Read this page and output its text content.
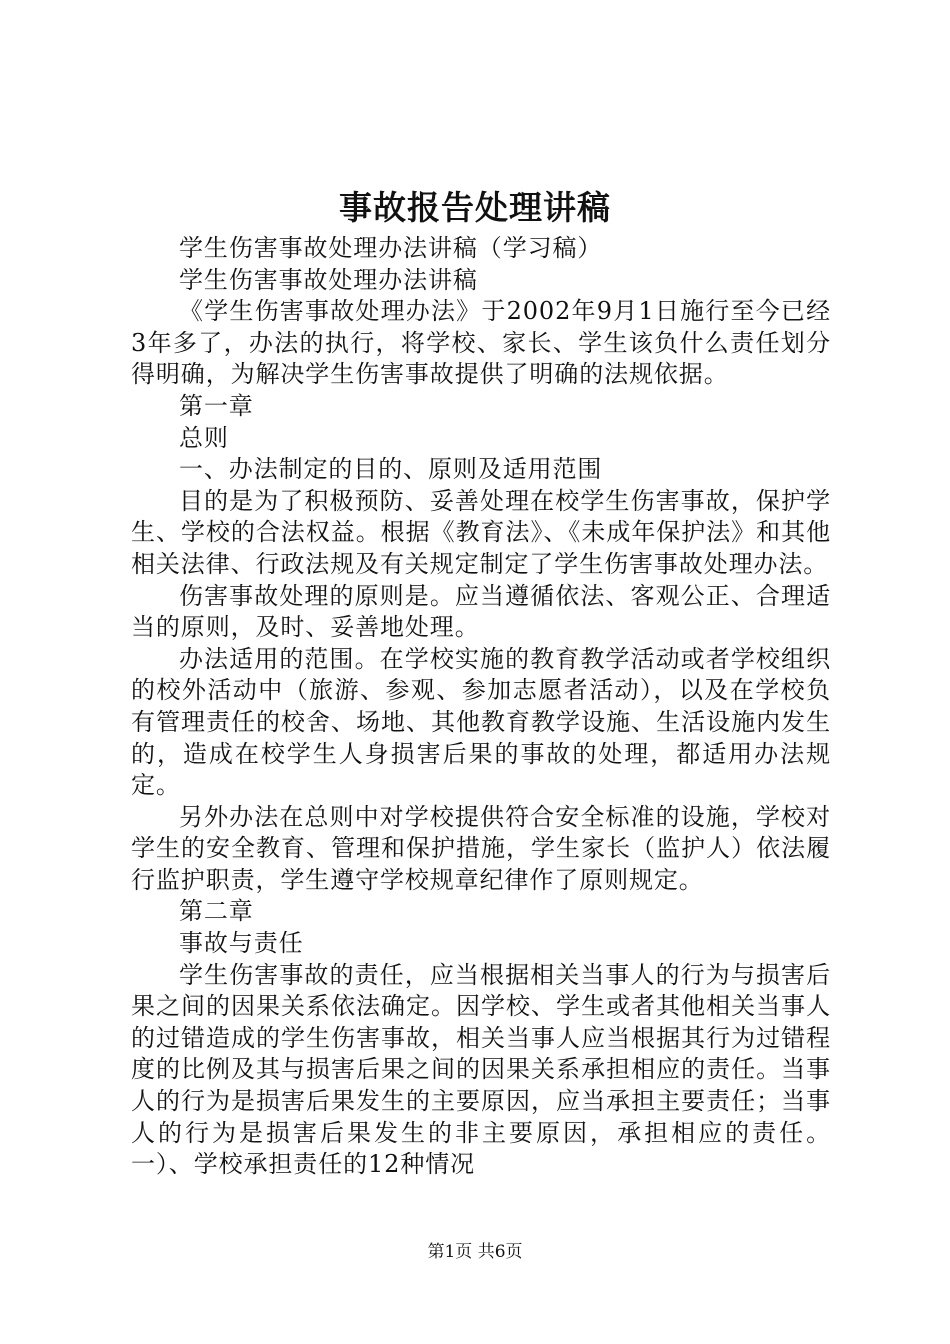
事故报告处理讲稿

学生伤害事故处理办法讲稿（学习稿）

学生伤害事故处理办法讲稿

《学生伤害事故处理办法》于2002年9月1日施行至今已经3年多了，办法的执行，将学校、家长、学生该负什么责任划分得明确，为解决学生伤害事故提供了明确的法规依据。

第一章

总则

一、办法制定的目的、原则及适用范围

目的是为了积极预防、妥善处理在校学生伤害事故，保护学生、学校的合法权益。根据《教育法》、《未成年保护法》和其他相关法律、行政法规及有关规定制定了学生伤害事故处理办法。

伤害事故处理的原则是。应当遵循依法、客观公正、合理适当的原则，及时、妥善地处理。

办法适用的范围。在学校实施的教育教学活动或者学校组织的校外活动中（旅游、参观、参加志愿者活动），以及在学校负有管理责任的校舍、场地、其他教育教学设施、生活设施内发生的，造成在校学生人身损害后果的事故的处理，都适用办法规定。

另外办法在总则中对学校提供符合安全标准的设施，学校对学生的安全教育、管理和保护措施，学生家长（监护人）依法履行监护职责，学生遵守学校规章纪律作了原则规定。

第二章

事故与责任

学生伤害事故的责任，应当根据相关当事人的行为与损害后果之间的因果关系依法确定。因学校、学生或者其他相关当事人的过错造成的学生伤害事故，相关当事人应当根据其行为过错程度的比例及其与损害后果之间的因果关系承担相应的责任。当事人的行为是损害后果发生的主要原因，应当承担主要责任；当事人的行为是损害后果发生的非主要原因，承担相应的责任。一）、学校承担责任的12种情况

第1页 共6页
